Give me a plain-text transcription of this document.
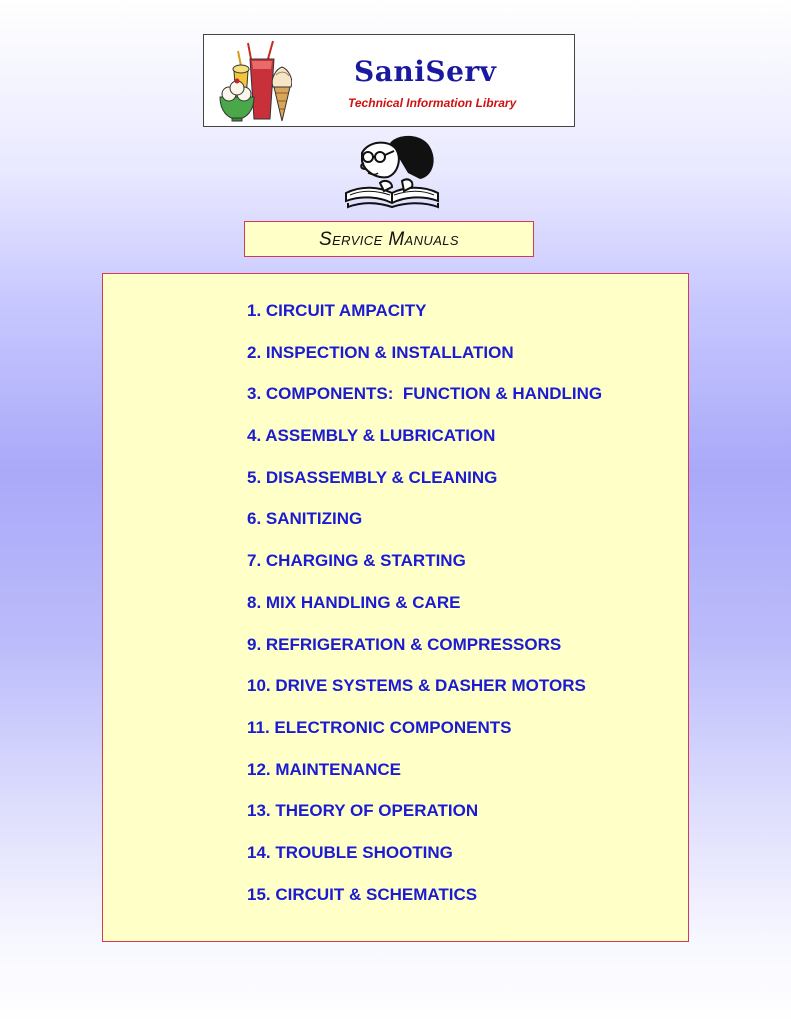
SaniServ
Technical Information Library
Service Manuals
1. CIRCUIT AMPACITY
2. INSPECTION & INSTALLATION
3. COMPONENTS:  FUNCTION & HANDLING
4. ASSEMBLY & LUBRICATION
5. DISASSEMBLY & CLEANING
6. SANITIZING
7. CHARGING & STARTING
8. MIX HANDLING & CARE
9. REFRIGERATION & COMPRESSORS
10. DRIVE SYSTEMS & DASHER MOTORS
11. ELECTRONIC COMPONENTS
12. MAINTENANCE
13. THEORY OF OPERATION
14. TROUBLE SHOOTING
15. CIRCUIT & SCHEMATICS
